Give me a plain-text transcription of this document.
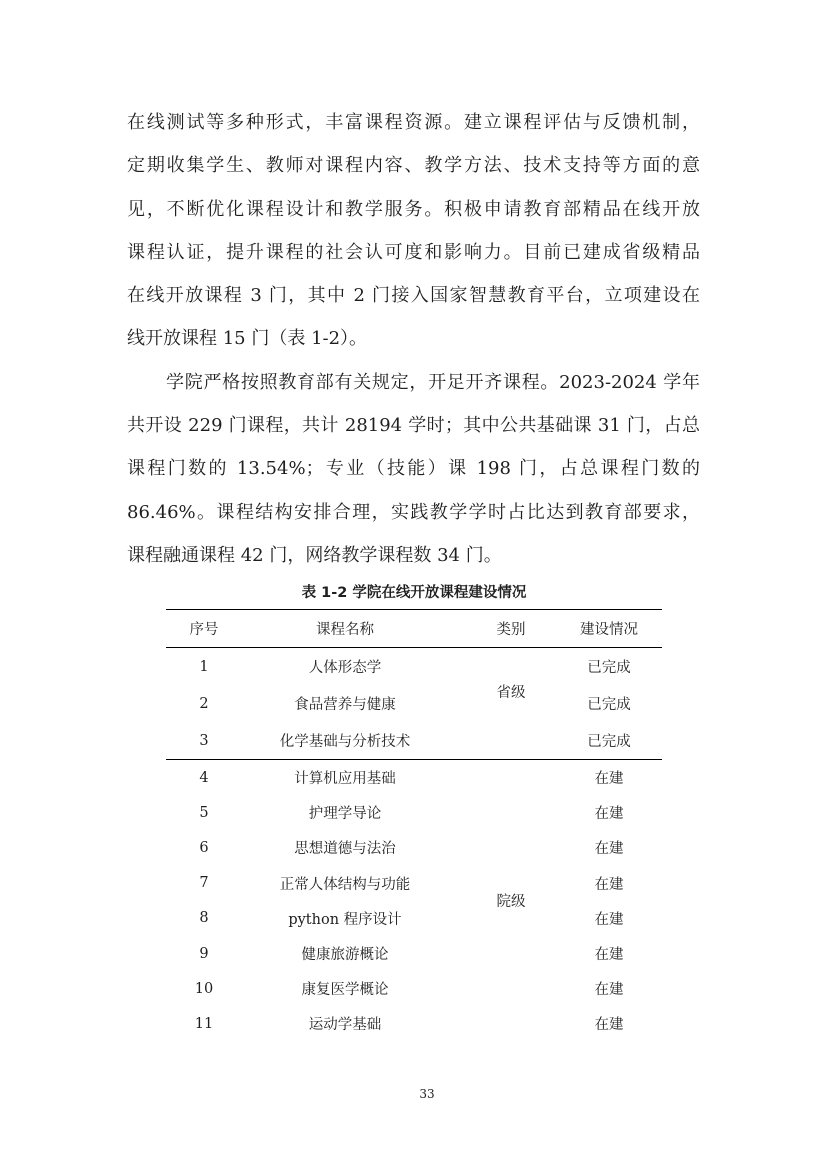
在线测试等多种形式，丰富课程资源。建立课程评估与反馈机制，
定期收集学生、教师对课程内容、教学方法、技术支持等方面的意
见，不断优化课程设计和教学服务。积极申请教育部精品在线开放
课程认证，提升课程的社会认可度和影响力。目前已建成省级精品
在线开放课程 3 门，其中 2 门接入国家智慧教育平台，立项建设在
线开放课程 15 门（表 1-2）。
学院严格按照教育部有关规定，开足开齐课程。2023-2024 学年
共开设 229 门课程，共计 28194 学时；其中公共基础课 31 门，占总
课程门数的 13.54%；专业（技能）课 198 门，占总课程门数的
86.46%。课程结构安排合理，实践教学学时占比达到教育部要求，
课程融通课程 42 门，网络教学课程数 34 门。
表 1-2 学院在线开放课程建设情况
序号	课程名称	类别	建设情况
1	人体形态学	省级	已完成
2	食品营养与健康		已完成
3	化学基础与分析技术		已完成
4	计算机应用基础	院级	在建
5	护理学导论		在建
6	思想道德与法治		在建
7	正常人体结构与功能		在建
8	python 程序设计		在建
9	健康旅游概论		在建
10	康复医学概论		在建
11	运动学基础		在建
33
